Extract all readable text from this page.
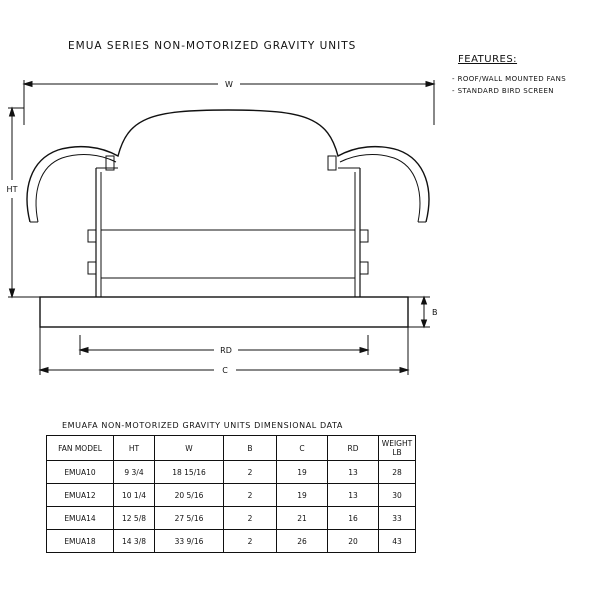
EMUA SERIES NON-MOTORIZED GRAVITY UNITS
FEATURES:
- ROOF/WALL MOUNTED FANS
- STANDARD BIRD SCREEN
W
HT
B
RD
C
EMUAFA NON-MOTORIZED GRAVITY UNITS DIMENSIONAL DATA
FAN MODEL	HT	W	B	C	RD	WEIGHT LB
EMUA10	9 3/4	18 15/16	2	19	13	28
EMUA12	10 1/4	20 5/16	2	19	13	30
EMUA14	12 5/8	27 5/16	2	21	16	33
EMUA18	14 3/8	33 9/16	2	26	20	43
